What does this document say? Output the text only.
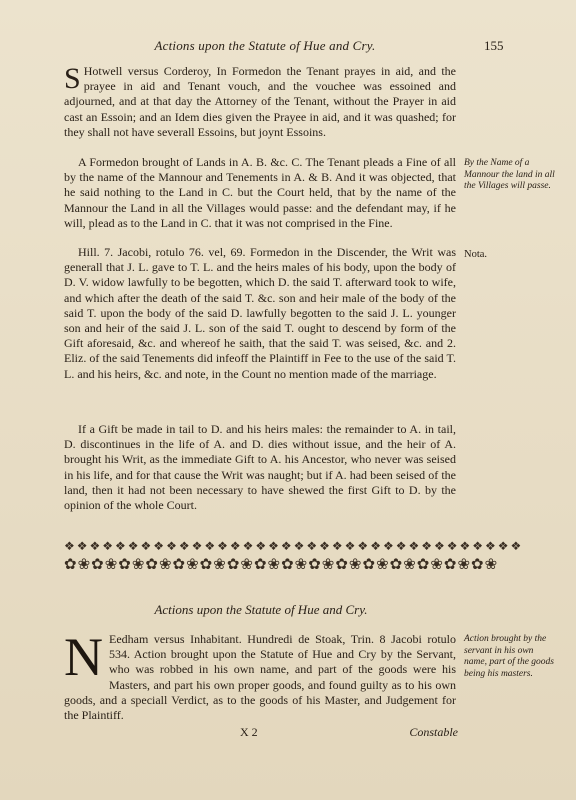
Actions upon the Statute of Hue and Cry.	155
S Hotwell versus Corderoy, In Formedon the Tenant prayes in aid, and the prayee in aid and Tenant vouch, and the vouchee was essoined and adjourned, and at that day the Attorney of the Tenant, without the Prayer in aid cast an Essoin; and an Idem dies given the Prayee in aid, and it was quashed; for they shall not have severall Essoins, but joynt Essoins.
A Formedon brought of Lands in A. B. &c. C. The Tenant pleads a Fine of all by the name of the Mannour and Tenements in A. & B. And it was objected, that he said nothing to the Land in C. but the Court held, that by the name of the Mannour the Land in all the Villages would passe: and the defendant may, if he will, plead as to the Land in C. that it was not comprised in the Fine.
Hill. 7. Jacobi, rotulo 76. vel, 69. Formedon in the Discender, the Writ was generall that J. L. gave to T. L. and the heirs males of his body, upon the body of D. V. widow lawfully to be begotten, which D. the said T. afterward took to wife, and which after the death of the said T. &c. son and heir male of the body of the said T. upon the body of the said D. lawfully begotten to the said J. L. younger son and heir of the said J. L. son of the said T. ought to descend by form of the Gift aforesaid, &c. and whereof he saith, that the said T. was seised, &c. and 2. Eliz. of the said Tenements did infeoff the Plaintiff in Fee to the use of the said T. L. and his heirs, &c. and note, in the Count no mention made of the marriage.
If a Gift be made in tail to D. and his heirs males: the remainder to A. in tail, D. discontinues in the life of A. and D. dies without issue, and the heir of A. brought his Writ, as the immediate Gift to A. his Ancestor, who never was seised in his life, and for that cause the Writ was naught; but if A. had been seised of the land, then it had not been necessary to have shewed the first Gift to D. by the opinion of the whole Court.
❖❖❖❖❖❖❖❖❖❖❖❖❖❖❖❖❖❖❖❖❖❖❖❖❖❖❖❖❖❖❖❖❖❖❖❖
✿❀✿❀✿❀✿❀✿❀✿❀✿❀✿❀✿❀✿❀✿❀✿❀✿❀✿❀✿❀✿❀
Actions upon the Statute of Hue and Cry.
N Eedham versus Inhabitant. Hundredi de Stoak, Trin. 8 Jacobi rotulo 534. Action brought upon the Statute of Hue and Cry by the Servant, who was robbed in his own name, and part of the goods were his Masters, and part his own proper goods, and found guilty as to his own goods, and a speciall Verdict, as to the goods of his Master, and Judgement for the Plaintiff.
X 2	Constable
By the Name of a Mannour the land in all the Villages will passe.
Nota.
Action brought by the servant in his own name, part of the goods being his masters.
